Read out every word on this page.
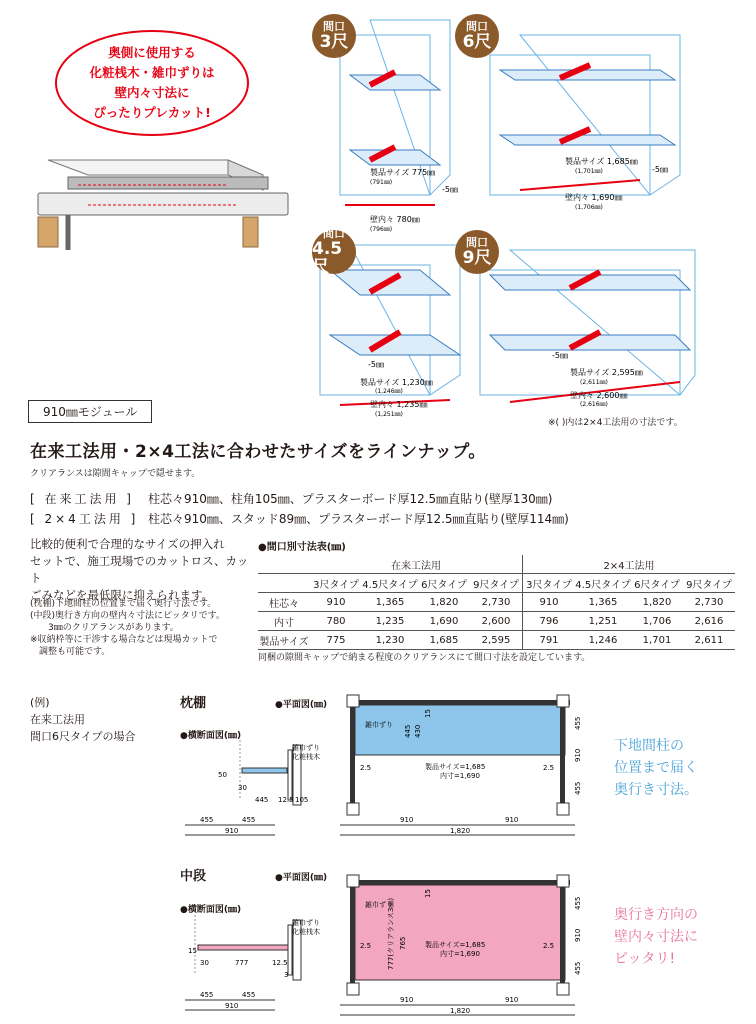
奥側に使用する
化粧桟木・雑巾ずりは
壁内々寸法に
ぴったりプレカット!
製品サイズ 775㎜
(791㎜)
壁内々 780㎜
(796㎜)
-5㎜
製品サイズ 1,685㎜
(1,701㎜)
壁内々 1,690㎜
(1,706㎜)
-5㎜
製品サイズ 1,230㎜
(1,246㎜)
壁内々 1,235㎜
(1,251㎜)
-5㎜
製品サイズ 2,595㎜
(2,611㎜)
壁内々 2,600㎜
(2,616㎜)
-5㎜
間口
3尺
間口
6尺
間口
4.5尺
間口
9尺
※( )内は2×4工法用の寸法です。
910㎜モジュール
在来工法用・2×4工法に合わせたサイズをラインナップ。
クリアランスは隙間キャップで隠せます。
[ 在来工法用 ] 柱芯々910㎜、柱角105㎜、プラスターボード厚12.5㎜直貼り(壁厚130㎜)
[ 2×4工法用 ] 柱芯々910㎜、スタッド89㎜、プラスターボード厚12.5㎜直貼り(壁厚114㎜)
比較的便利で合理的なサイズの押入れ
セットで、施工現場でのカットロス、カット
ごみなどを最低限に抑えられます。
(枕棚)下地間柱の位置まで届く奥行寸法です。
(中段)奥行き方向の壁内々寸法にピッタリです。
　　3㎜のクリアランスがあります。
※収納枠等に干渉する場合などは現場カットで
　調整も可能です。
●間口別寸法表(㎜)
	在来工法用				2×4工法用			
	3尺タイプ	4.5尺タイプ	6尺タイプ	9尺タイプ	3尺タイプ	4.5尺タイプ	6尺タイプ	9尺タイプ
柱芯々	910	1,365	1,820	2,730	910	1,365	1,820	2,730
内寸	780	1,235	1,690	2,600	796	1,251	1,706	2,616
製品サイズ	775	1,230	1,685	2,595	791	1,246	1,701	2,611
同梱の隙間キャップで納まる程度のクリアランスにて間口寸法を設定しています。
(例)
在来工法用
間口6尺タイプの場合
枕棚	●平面図(㎜)
●横断面図(㎜)
雑巾ずり
化粧桟木
50
30
445 12.5 105
455	455
910
雑巾ずり 445 430
15
2.5	2.5
製品サイズ=1,685
内寸=1,690
455
910
455
910	910
1,820
下地間柱の
位置まで届く
奥行き寸法。
中段	●平面図(㎜)
●横断面図(㎜)
雑巾ずり
化粧桟木
15
30	777	12.5
3
455	455
910
雑巾ずり
777(クリアランス3㎜) 765
15
2.5	2.5
製品サイズ=1,685
内寸=1,690
455
910
455
910	910
1,820
奥行き方向の
壁内々寸法に
ピッタリ!
